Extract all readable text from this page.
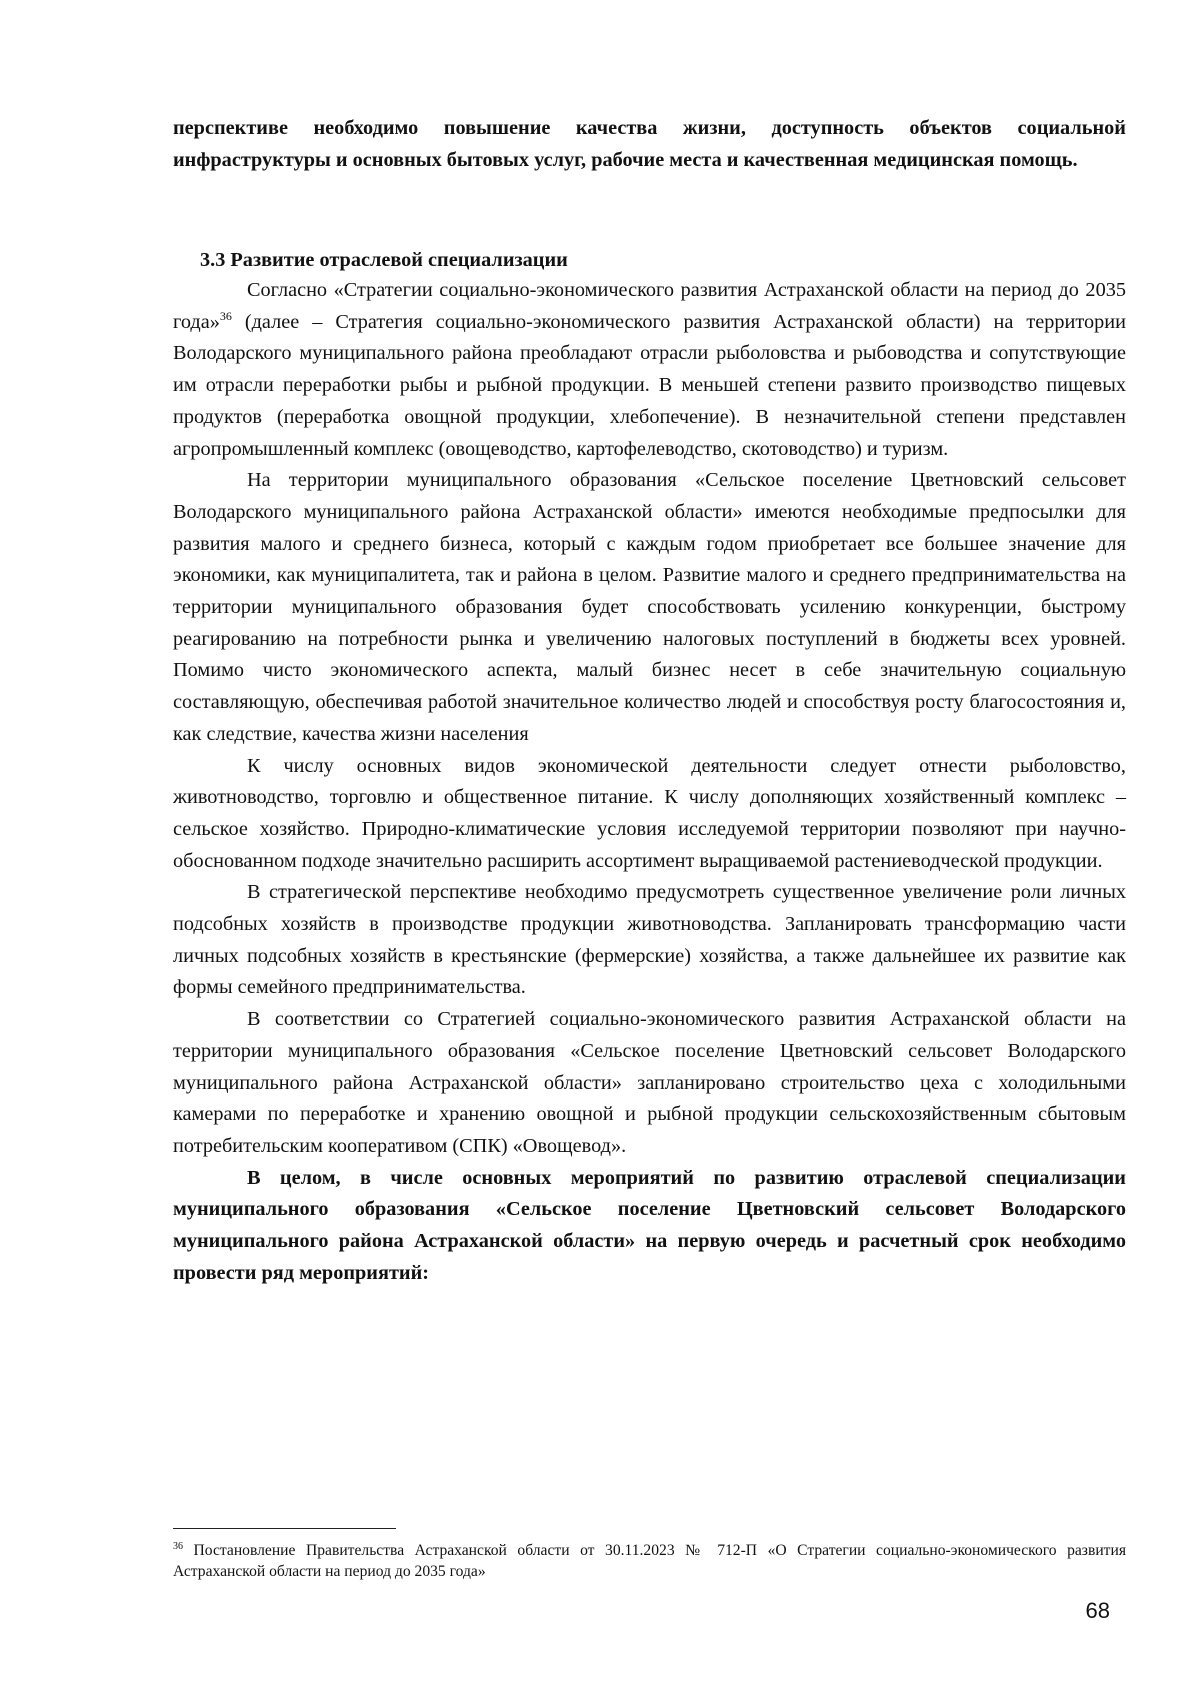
перспективе необходимо повышение качества жизни, доступность объектов социальной инфраструктуры и основных бытовых услуг, рабочие места и качественная медицинская помощь.

3.3 Развитие отраслевой специализации

Согласно «Стратегии социально-экономического развития Астраханской области на период до 2035 года»$^{36}$ (далее – Стратегия социально-экономического развития Астраханской области) на территории Володарского муниципального района преобладают отрасли рыболовства и рыбоводства и сопутствующие им отрасли переработки рыбы и рыбной продукции. В меньшей степени развито производство пищевых продуктов (переработка овощной продукции, хлебопечение). В незначительной степени представлен агропромышленный комплекс (овощеводство, картофелеводство, скотоводство) и туризм.

На территории муниципального образования «Сельское поселение Цветновский сельсовет Володарского муниципального района Астраханской области» имеются необходимые предпосылки для развития малого и среднего бизнеса, который с каждым годом приобретает все большее значение для экономики, как муниципалитета, так и района в целом. Развитие малого и среднего предпринимательства на территории муниципального образования будет способствовать усилению конкуренции, быстрому реагированию на потребности рынка и увеличению налоговых поступлений в бюджеты всех уровней. Помимо чисто экономического аспекта, малый бизнес несет в себе значительную социальную составляющую, обеспечивая работой значительное количество людей и способствуя росту благосостояния и, как следствие, качества жизни населения

К числу основных видов экономической деятельности следует отнести рыболовство, животноводство, торговлю и общественное питание. К числу дополняющих хозяйственный комплекс – сельское хозяйство. Природно-климатические условия исследуемой территории позволяют при научно-обоснованном подходе значительно расширить ассортимент выращиваемой растениеводческой продукции.

В стратегической перспективе необходимо предусмотреть существенное увеличение роли личных подсобных хозяйств в производстве продукции животноводства. Запланировать трансформацию части личных подсобных хозяйств в крестьянские (фермерские) хозяйства, а также дальнейшее их развитие как формы семейного предпринимательства.

В соответствии со Стратегией социально-экономического развития Астраханской области на территории муниципального образования «Сельское поселение Цветновский сельсовет Володарского муниципального района Астраханской области» запланировано строительство цеха с холодильными камерами по переработке и хранению овощной и рыбной продукции сельскохозяйственным сбытовым потребительским кооперативом (СПК) «Овощевод».

В целом, в числе основных мероприятий по развитию отраслевой специализации муниципального образования «Сельское поселение Цветновский сельсовет Володарского муниципального района Астраханской области» на первую очередь и расчетный срок необходимо провести ряд мероприятий:

$^{36}$ Постановление Правительства Астраханской области от 30.11.2023 № 712-П «О Стратегии социально-экономического развития Астраханской области на период до 2035 года»
68
